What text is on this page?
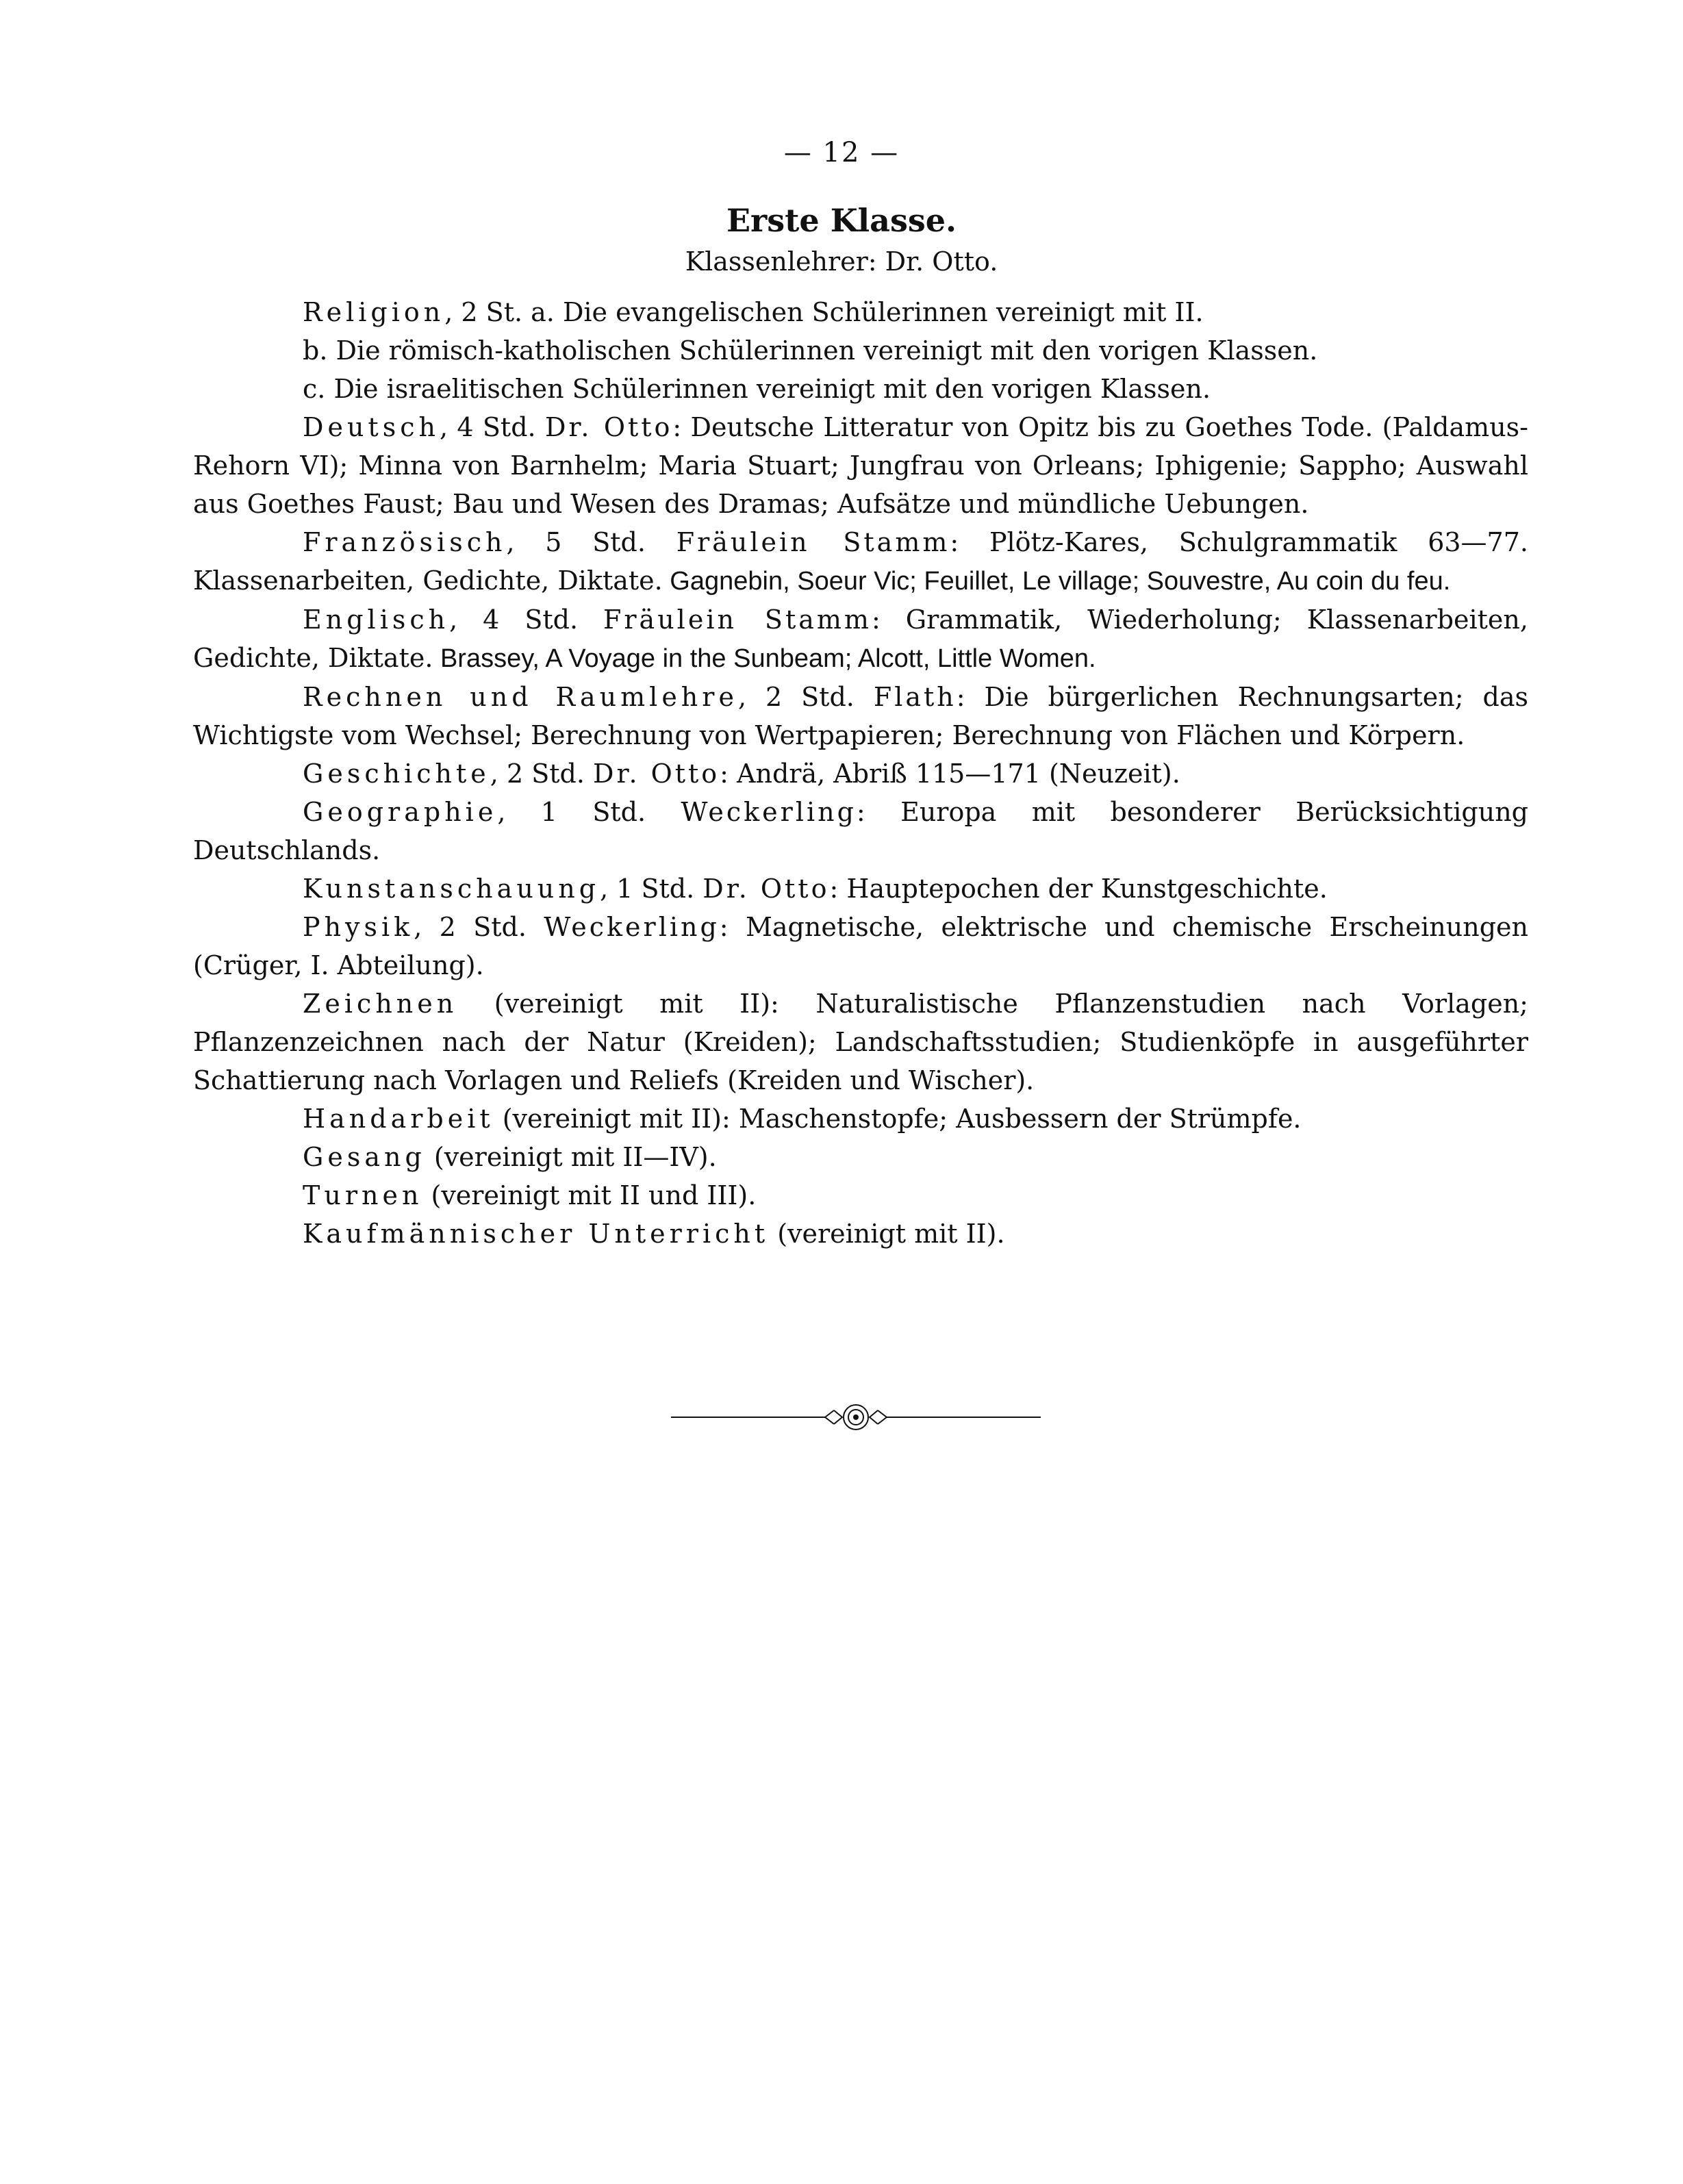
— 12 —
Erste Klasse.
Klassenlehrer: Dr. Otto.

Religion, 2 St. a. Die evangelischen Schülerinnen vereinigt mit II.

b. Die römisch-katholischen Schülerinnen vereinigt mit den vorigen Klassen.

c. Die israelitischen Schülerinnen vereinigt mit den vorigen Klassen.

Deutsch, 4 Std. Dr. Otto: Deutsche Litteratur von Opitz bis zu Goethes Tode. (Paldamus-Rehorn VI); Minna von Barnhelm; Maria Stuart; Jungfrau von Orleans; Iphigenie; Sappho; Auswahl aus Goethes Faust; Bau und Wesen des Dramas; Aufsätze und mündliche Uebungen.

Französisch, 5 Std. Fräulein Stamm: Plötz-Kares, Schulgrammatik 63—77. Klassenarbeiten, Gedichte, Diktate. Gagnebin, Soeur Vic; Feuillet, Le village; Souvestre, Au coin du feu.

Englisch, 4 Std. Fräulein Stamm: Grammatik, Wiederholung; Klassenarbeiten, Gedichte, Diktate. Brassey, A Voyage in the Sunbeam; Alcott, Little Women.

Rechnen und Raumlehre, 2 Std. Flath: Die bürgerlichen Rechnungsarten; das Wichtigste vom Wechsel; Berechnung von Wertpapieren; Berechnung von Flächen und Körpern.

Geschichte, 2 Std. Dr. Otto: Andrä, Abriß 115—171 (Neuzeit).

Geographie, 1 Std. Weckerling: Europa mit besonderer Berücksichtigung Deutschlands.

Kunstanschauung, 1 Std. Dr. Otto: Hauptepochen der Kunstgeschichte.

Physik, 2 Std. Weckerling: Magnetische, elektrische und chemische Erscheinungen (Crüger, I. Abteilung).

Zeichnen (vereinigt mit II): Naturalistische Pflanzenstudien nach Vorlagen; Pflanzenzeichnen nach der Natur (Kreiden); Landschaftsstudien; Studienköpfe in ausgeführter Schattierung nach Vorlagen und Reliefs (Kreiden und Wischer).

Handarbeit (vereinigt mit II): Maschenstopfe; Ausbessern der Strümpfe.

Gesang (vereinigt mit II—IV).

Turnen (vereinigt mit II und III).

Kaufmännischer Unterricht (vereinigt mit II).
